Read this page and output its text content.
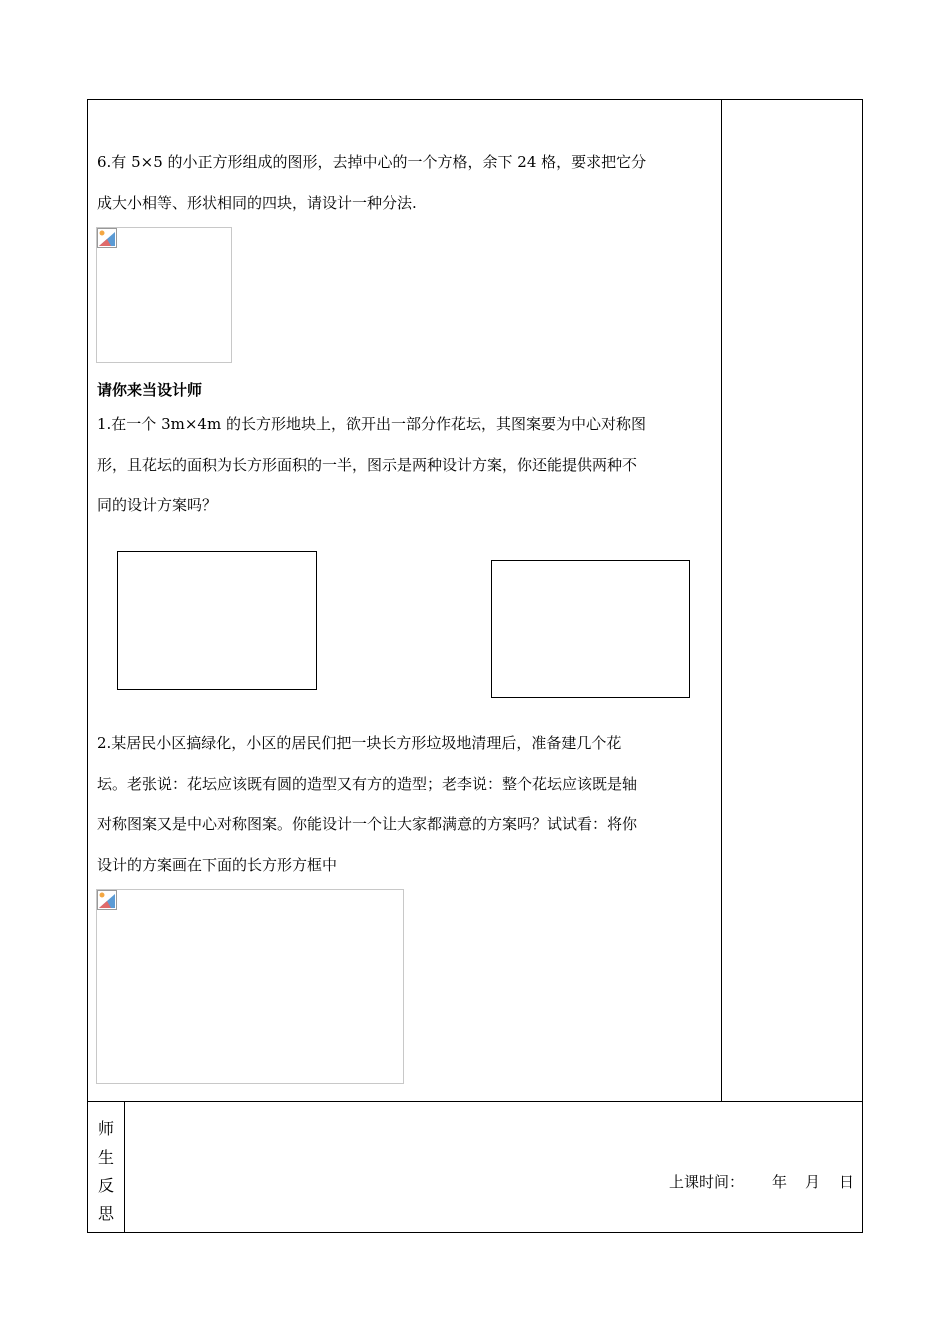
6.有 5×5 的小正方形组成的图形，去掉中心的一个方格，余下 24 格，要求把它分
成大小相等、形状相同的四块，请设计一种分法.
请你来当设计师
1.在一个 3m×4m 的长方形地块上，欲开出一部分作花坛，其图案要为中心对称图
形，且花坛的面积为长方形面积的一半，图示是两种设计方案，你还能提供两种不
同的设计方案吗？
2.某居民小区搞绿化，小区的居民们把一块长方形垃圾地清理后，准备建几个花
坛。老张说：花坛应该既有圆的造型又有方的造型；老李说：整个花坛应该既是轴
对称图案又是中心对称图案。你能设计一个让大家都满意的方案吗？试试看：将你
设计的方案画在下面的长方形方框中
师
生
反
思
上课时间： 年 月 日
